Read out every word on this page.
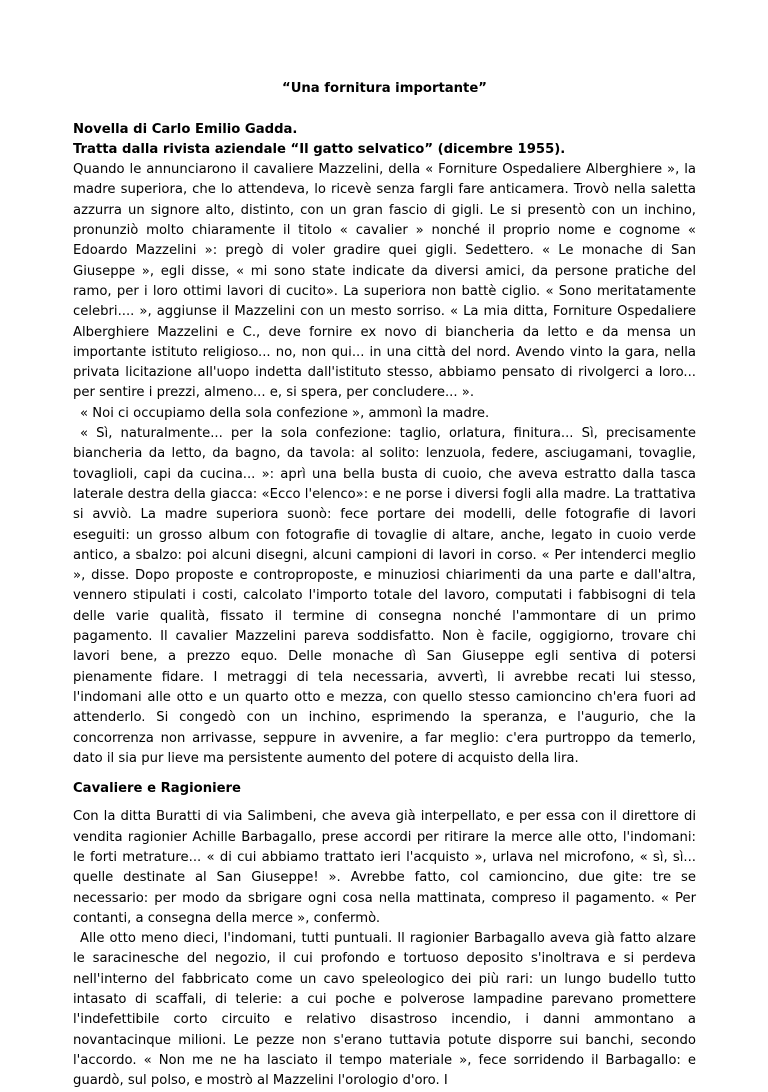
“Una fornitura importante”
Novella di Carlo Emilio Gadda.
Tratta dalla rivista aziendale “Il gatto selvatico” (dicembre 1955).

Quando le annunciarono il cavaliere Mazzelini, della « Forniture Ospedaliere Alberghiere », la madre superiora, che lo attendeva, lo ricevè senza fargli fare anticamera. Trovò nella saletta azzurra un signore alto, distinto, con un gran fascio di gigli. Le si presentò con un inchino, pronunziò molto chiaramente il titolo « cavalier » nonché il proprio nome e cognome « Edoardo Mazzelini »: pregò di voler gradire quei gigli. Sedettero. « Le monache di San Giuseppe », egli disse, « mi sono state indicate da diversi amici, da persone pratiche del ramo, per i loro ottimi lavori di cucito». La superiora non battè ciglio. « Sono meritatamente celebri.... », aggiunse il Mazzelini con un mesto sorriso. « La mia ditta, Forniture Ospedaliere Alberghiere Mazzelini e C., deve fornire ex novo di biancheria da letto e da mensa un importante istituto religioso... no, non qui... in una città del nord. Avendo vinto la gara, nella privata licitazione all'uopo indetta dall'istituto stesso, abbiamo pensato di rivolgerci a loro... per sentire i prezzi, almeno... e, si spera, per concludere... ».

« Noi ci occupiamo della sola confezione », ammonì la madre.

« Sì, naturalmente... per la sola confezione: taglio, orlatura, finitura... Sì, precisamente biancheria da letto, da bagno, da tavola: al solito: lenzuola, federe, asciugamani, tovaglie, tovaglioli, capi da cucina... »: aprì una bella busta di cuoio, che aveva estratto dalla tasca laterale destra della giacca: «Ecco l'elenco»: e ne porse i diversi fogli alla madre. La trattativa si avviò. La madre superiora suonò: fece portare dei modelli, delle fotografie di lavori eseguiti: un grosso album con fotografie di tovaglie di altare, anche, legato in cuoio verde antico, a sbalzo: poi alcuni disegni, alcuni campioni di lavori in corso. « Per intenderci meglio », disse. Dopo proposte e controproposte, e minuziosi chiarimenti da una parte e dall'altra, vennero stipulati i costi, calcolato l'importo totale del lavoro, computati i fabbisogni di tela delle varie qualità, fissato il termine di consegna nonché l'ammontare di un primo pagamento. Il cavalier Mazzelini pareva soddisfatto. Non è facile, oggigiorno, trovare chi lavori bene, a prezzo equo. Delle monache dì San Giuseppe egli sentiva di potersi pienamente fidare. I metraggi di tela necessaria, avvertì, li avrebbe recati lui stesso, l'indomani alle otto e un quarto otto e mezza, con quello stesso camioncino ch'era fuori ad attenderlo. Si congedò con un inchino, esprimendo la speranza, e l'augurio, che la concorrenza non arrivasse, seppure in avvenire, a far meglio: c'era purtroppo da temerlo, dato il sia pur lieve ma persistente aumento del potere di acquisto della lira.

Cavaliere e Ragioniere

Con la ditta Buratti di via Salimbeni, che aveva già interpellato, e per essa con il direttore di vendita ragionier Achille Barbagallo, prese accordi per ritirare la merce alle otto, l'indomani: le forti metrature... « di cui abbiamo trattato ieri l'acquisto », urlava nel microfono, « sì, sì... quelle destinate al San Giuseppe! ». Avrebbe fatto, col camioncino, due gite: tre se necessario: per modo da sbrigare ogni cosa nella mattinata, compreso il pagamento. « Per contanti, a consegna della merce », confermò.

Alle otto meno dieci, l'indomani, tutti puntuali. Il ragionier Barbagallo aveva già fatto alzare le saracinesche del negozio, il cui profondo e tortuoso deposito s'inoltrava e si perdeva nell'interno del fabbricato come un cavo speleologico dei più rari: un lungo budello tutto intasato di scaffali, di telerie: a cui poche e polverose lampadine parevano promettere l'indefettibile corto circuito e relativo disastroso incendio, i danni ammontano a novantacinque milioni. Le pezze non s'erano tuttavia potute disporre sui banchi, secondo l'accordo. « Non me ne ha lasciato il tempo materiale », fece sorridendo il Barbagallo: e guardò, sul polso, e mostrò al Mazzelini l'orologio d'oro. I
